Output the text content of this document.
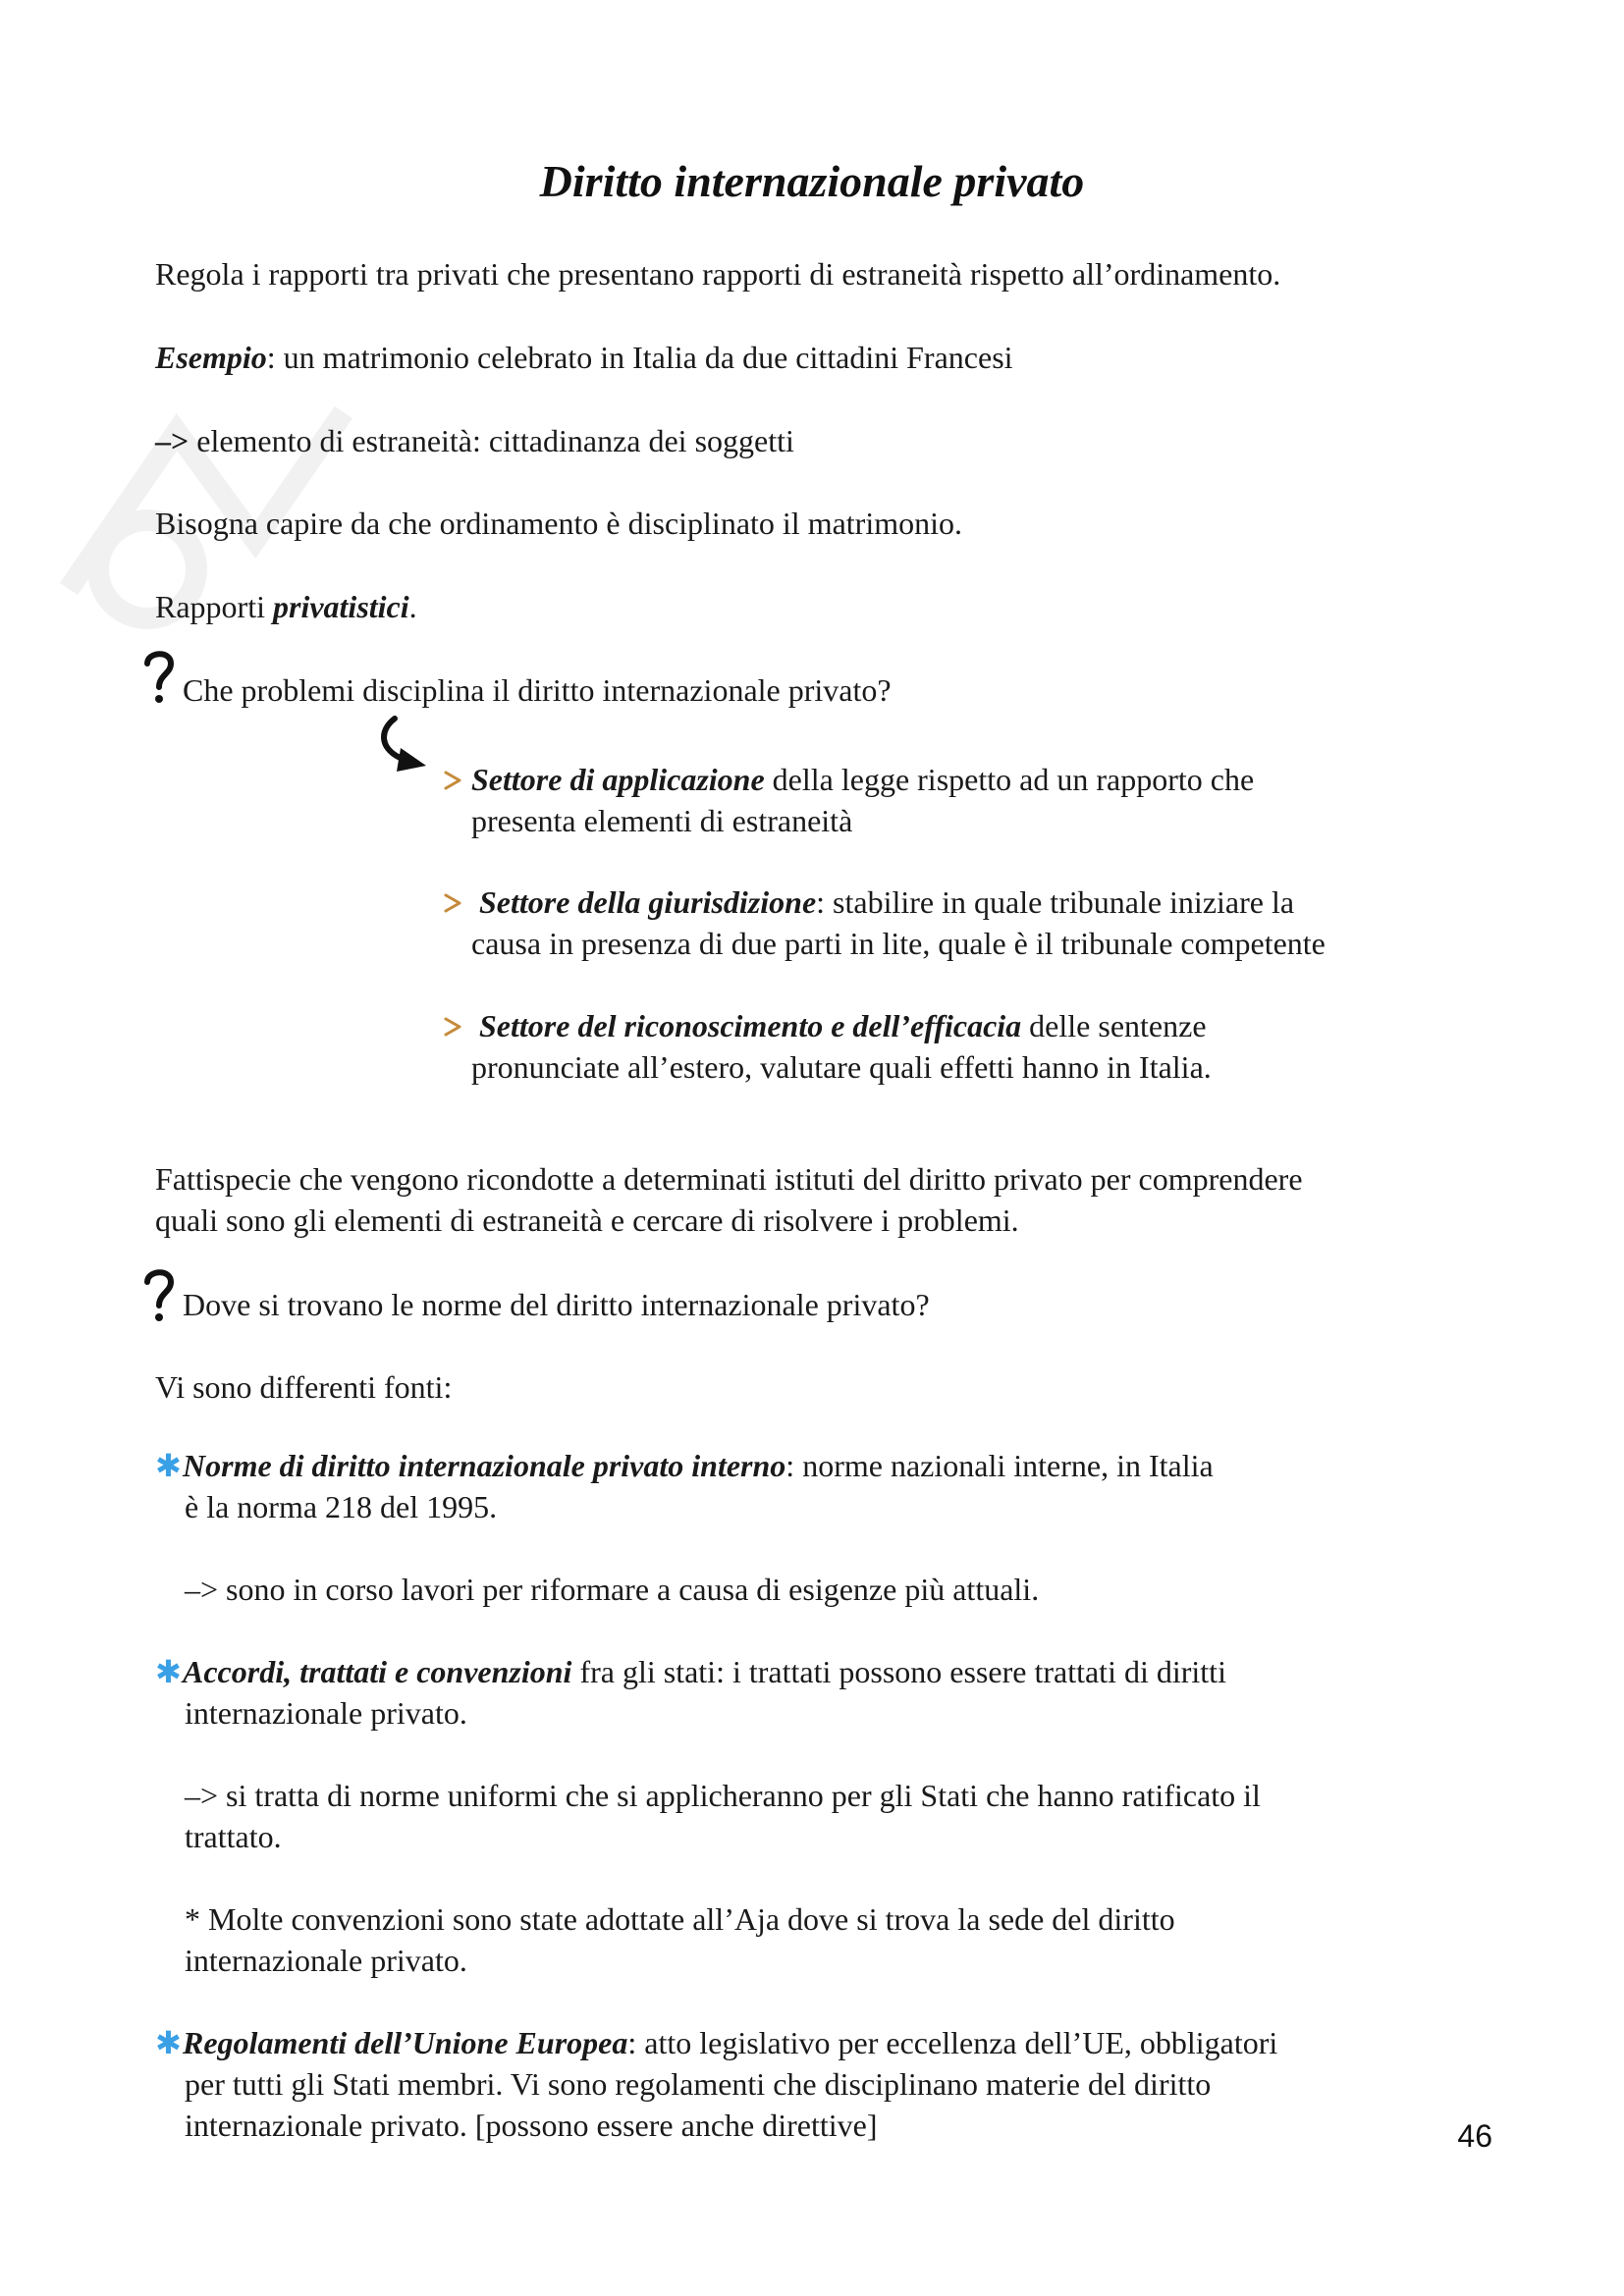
Diritto internazionale privato
Regola i rapporti tra privati che presentano rapporti di estraneità rispetto all’ordinamento.
Esempio: un matrimonio celebrato in Italia da due cittadini Francesi
–> elemento di estraneità: cittadinanza dei soggetti
Bisogna capire da che ordinamento è disciplinato il matrimonio.
Rapporti privatistici.
Che problemi disciplina il diritto internazionale privato?
Settore di applicazione della legge rispetto ad un rapporto che
presenta elementi di estraneità
Settore della giurisdizione: stabilire in quale tribunale iniziare la
causa in presenza di due parti in lite, quale è il tribunale competente
Settore del riconoscimento e dell’efficacia delle sentenze
pronunciate all’estero, valutare quali effetti hanno in Italia.
Fattispecie che vengono ricondotte a determinati istituti del diritto privato per comprendere
quali sono gli elementi di estraneità e cercare di risolvere i problemi.
Dove si trovano le norme del diritto internazionale privato?
Vi sono differenti fonti:
✱Norme di diritto internazionale privato interno: norme nazionali interne, in Italia
è la norma 218 del 1995.
–> sono in corso lavori per riformare a causa di esigenze più attuali.
✱Accordi, trattati e convenzioni fra gli stati: i trattati possono essere trattati di diritti
internazionale privato.
–> si tratta di norme uniformi che si applicheranno per gli Stati che hanno ratificato il
trattato.
* Molte convenzioni sono state adottate all’Aja dove si trova la sede del diritto
internazionale privato.
✱Regolamenti dell’Unione Europea: atto legislativo per eccellenza dell’UE, obbligatori
per tutti gli Stati membri. Vi sono regolamenti che disciplinano materie del diritto
internazionale privato. [possono essere anche direttive]	46
